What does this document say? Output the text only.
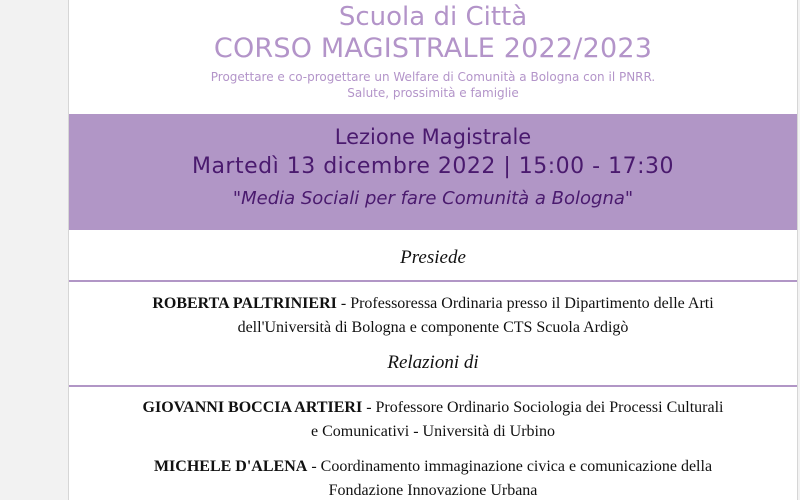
Scuola di Città
CORSO MAGISTRALE 2022/2023
Progettare e co-progettare un Welfare di Comunità a Bologna con il PNRR.
Salute, prossimità e famiglie
Lezione Magistrale
Martedì 13 dicembre 2022 | 15:00 - 17:30
"Media Sociali per fare Comunità a Bologna"
Presiede
ROBERTA PALTRINIERI - Professoressa Ordinaria presso il Dipartimento delle Arti
dell'Università di Bologna e componente CTS Scuola Ardigò
Relazioni di
GIOVANNI BOCCIA ARTIERI - Professore Ordinario Sociologia dei Processi Culturali
e Comunicativi - Università di Urbino
MICHELE D'ALENA - Coordinamento immaginazione civica e comunicazione della
Fondazione Innovazione Urbana
